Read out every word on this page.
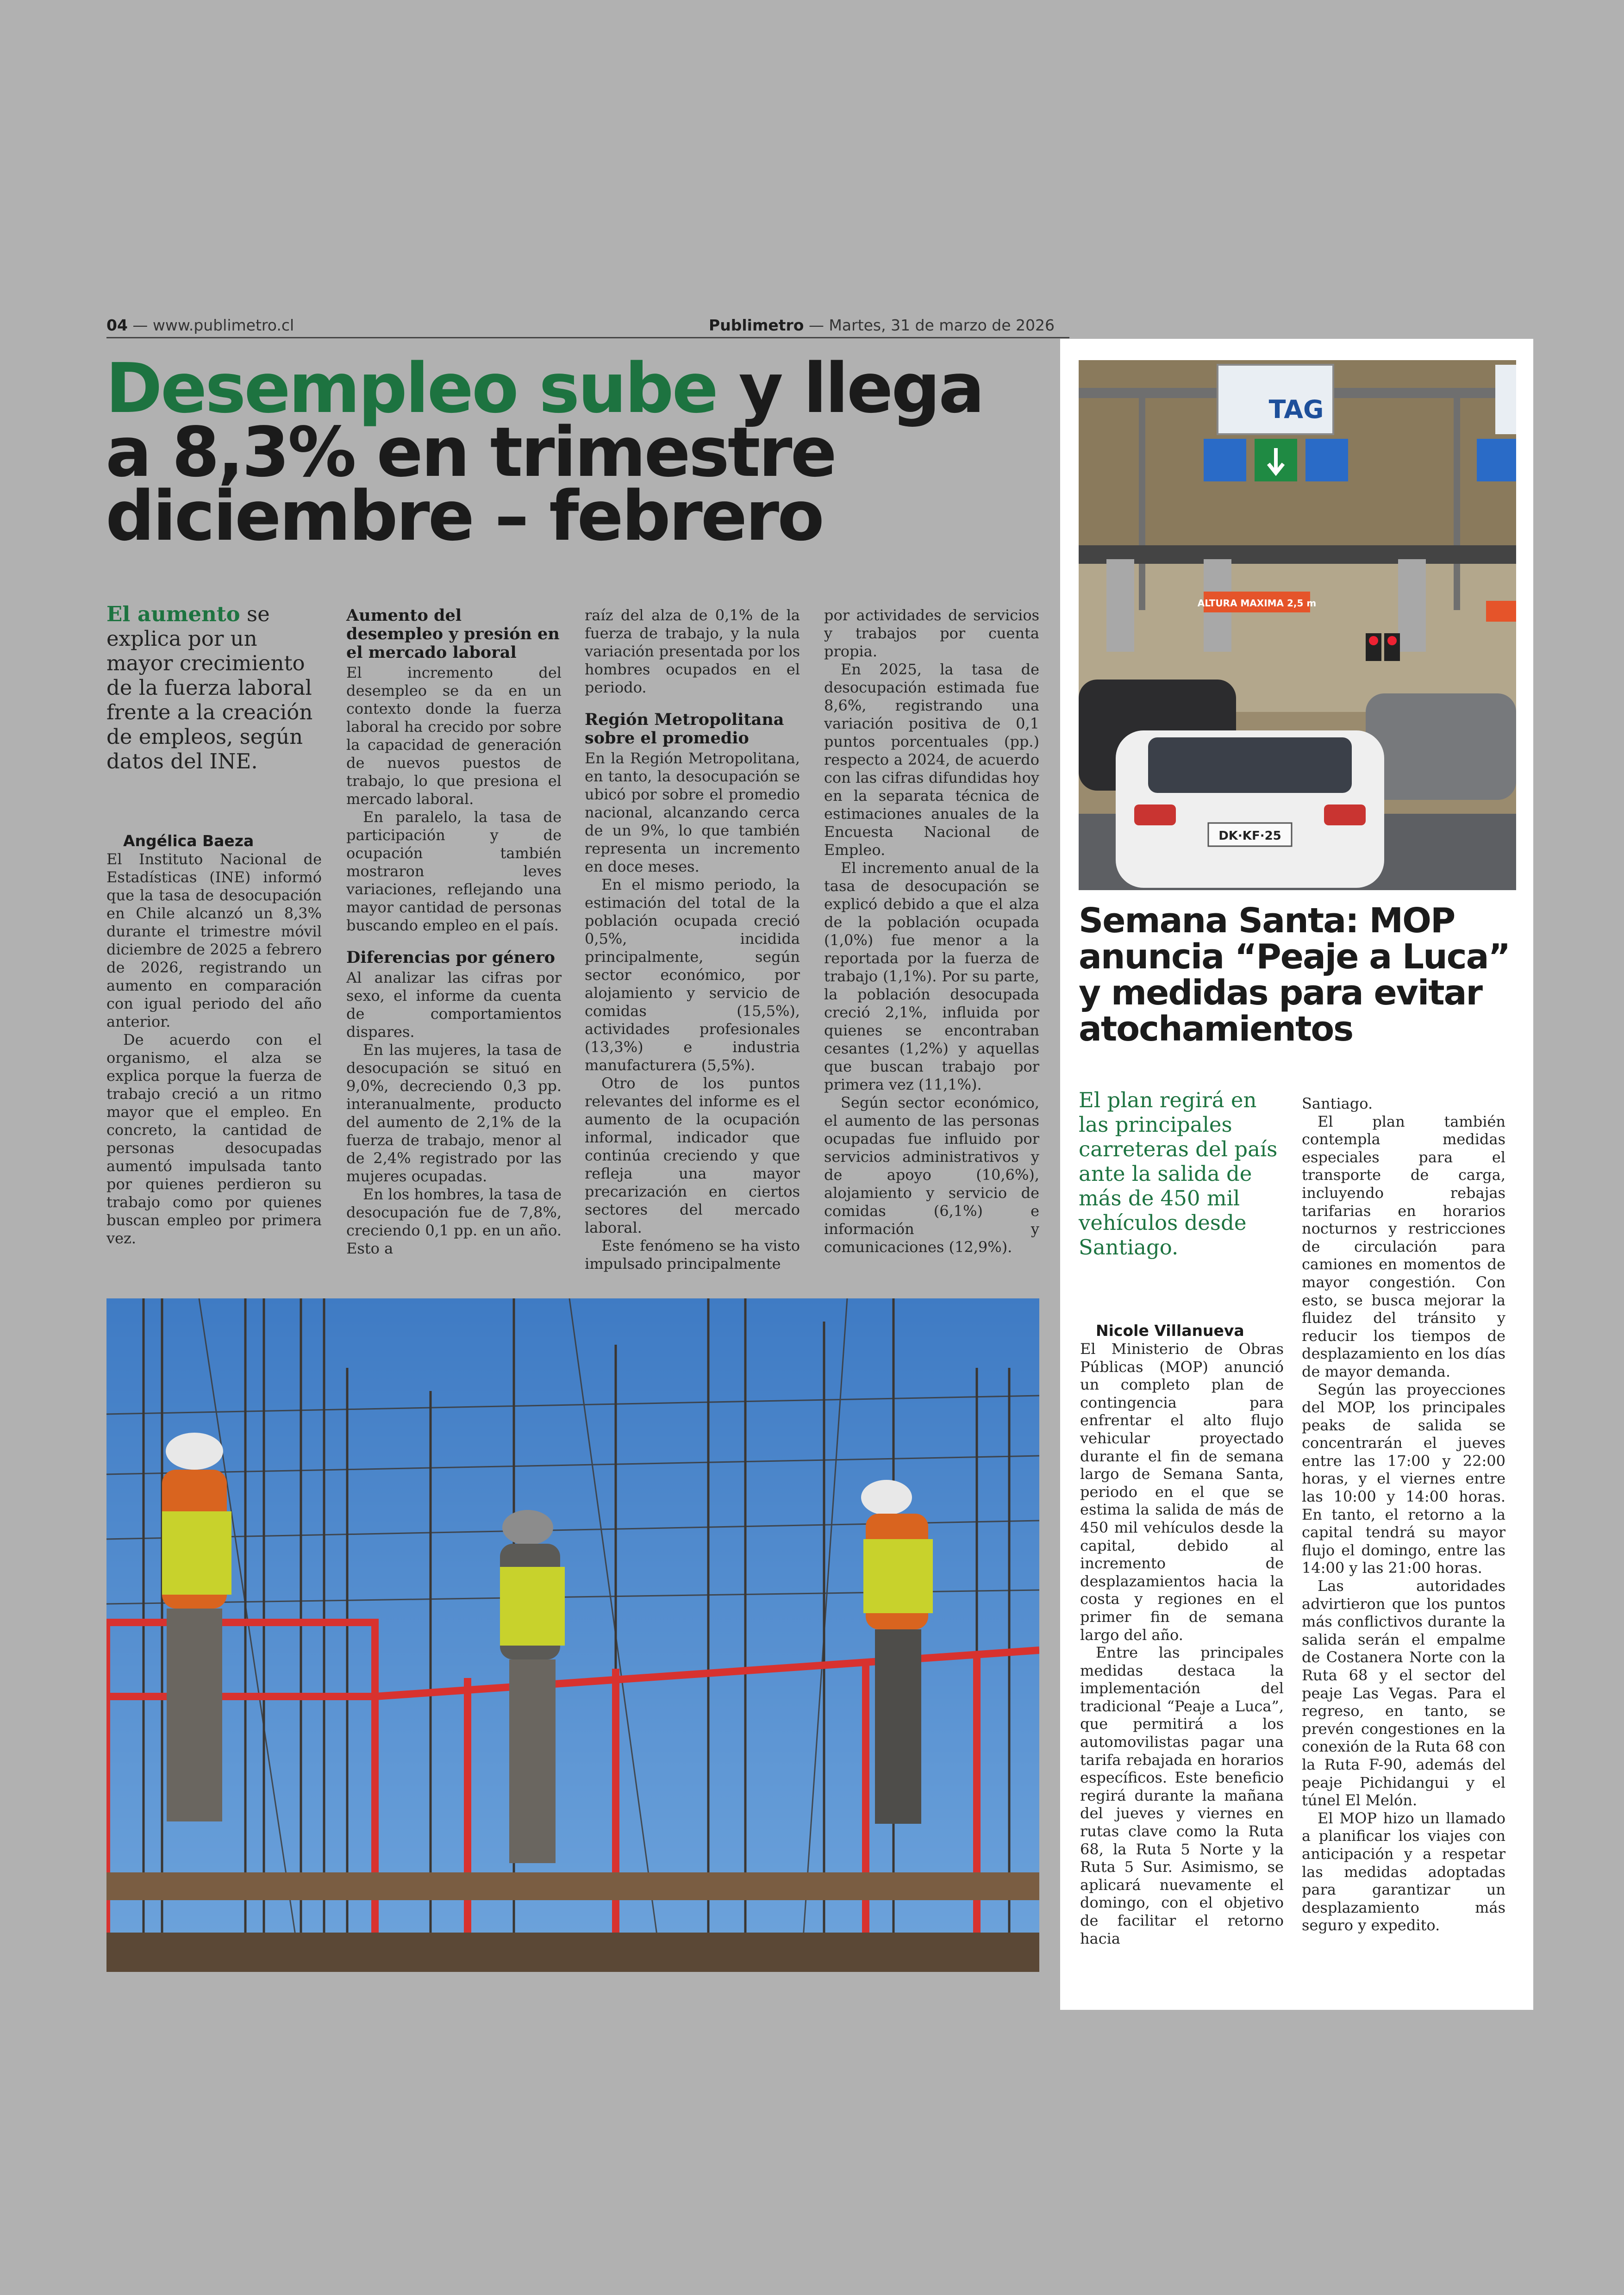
04 — www.publimetro.cl	Publimetro — Martes, 31 de marzo de 2026
Desempleo sube y llega
a 8,3% en trimestre
diciembre – febrero

El aumento se explica por un mayor crecimiento de la fuerza laboral frente a la creación de empleos, según datos del INE.

Angélica Baeza

El Instituto Nacional de Estadísticas (INE) informó que la tasa de desocupación en Chile alcanzó un 8,3% durante el trimestre móvil diciembre de 2025 a febrero de 2026, registrando un aumento en comparación con igual periodo del año anterior.

De acuerdo con el organismo, el alza se explica porque la fuerza de trabajo creció a un ritmo mayor que el empleo. En concreto, la cantidad de personas desocupadas aumentó impulsada tanto por quienes perdieron su trabajo como por quienes buscan empleo por primera vez.

Aumento del desempleo y presión en el mercado laboral

El incremento del desempleo se da en un contexto donde la fuerza laboral ha crecido por sobre la capacidad de generación de nuevos puestos de trabajo, lo que presiona el mercado laboral.

En paralelo, la tasa de participación y de ocupación también mostraron leves variaciones, reflejando una mayor cantidad de personas buscando empleo en el país.

Diferencias por género

Al analizar las cifras por sexo, el informe da cuenta de comportamientos dispares.

En las mujeres, la tasa de desocupación se situó en 9,0%, decreciendo 0,3 pp. interanualmente, producto del aumento de 2,1% de la fuerza de trabajo, menor al de 2,4% registrado por las mujeres ocupadas.

En los hombres, la tasa de desocupación fue de 7,8%, creciendo 0,1 pp. en un año. Esto a

raíz del alza de 0,1% de la fuerza de trabajo, y la nula variación presentada por los hombres ocupados en el periodo.

Región Metropolitana sobre el promedio

En la Región Metropolitana, en tanto, la desocupación se ubicó por sobre el promedio nacional, alcanzando cerca de un 9%, lo que también representa un incremento en doce meses.

En el mismo periodo, la estimación del total de la población ocupada creció 0,5%, incidida principalmente, según sector económico, por alojamiento y servicio de comidas (15,5%), actividades profesionales (13,3%) e industria manufacturera (5,5%).

Otro de los puntos relevantes del informe es el aumento de la ocupación informal, indicador que continúa creciendo y que refleja una mayor precarización en ciertos sectores del mercado laboral.

Este fenómeno se ha visto impulsado principalmente

por actividades de servicios y trabajos por cuenta propia.

En 2025, la tasa de desocupación estimada fue 8,6%, registrando una variación positiva de 0,1 puntos porcentuales (pp.) respecto a 2024, de acuerdo con las cifras difundidas hoy en la separata técnica de estimaciones anuales de la Encuesta Nacional de Empleo.

El incremento anual de la tasa de desocupación se explicó debido a que el alza de la población ocupada (1,0%) fue menor a la reportada por la fuerza de trabajo (1,1%). Por su parte, la población desocupada creció 2,1%, influida por quienes se encontraban cesantes (1,2%) y aquellas que buscan trabajo por primera vez (11,1%).

Según sector económico, el aumento de las personas ocupadas fue influido por servicios administrativos y de apoyo (10,6%), alojamiento y servicio de comidas (6,1%) e información y comunicaciones (12,9%).

TAG
ALTURA MAXIMA 2,5 m
DK·KF·25
Semana Santa: MOP anuncia “Peaje a Luca” y medidas para evitar atochamientos

El plan regirá en las principales carreteras del país ante la salida de más de 450 mil vehículos desde Santiago.

Nicole Villanueva

El Ministerio de Obras Públicas (MOP) anunció un completo plan de contingencia para enfrentar el alto flujo vehicular proyectado durante el fin de semana largo de Semana Santa, periodo en el que se estima la salida de más de 450 mil vehículos desde la capital, debido al incremento de desplazamientos hacia la costa y regiones en el primer fin de semana largo del año.

Entre las principales medidas destaca la implementación del tradicional “Peaje a Luca”, que permitirá a los automovilistas pagar una tarifa rebajada en horarios específicos. Este beneficio regirá durante la mañana del jueves y viernes en rutas clave como la Ruta 68, la Ruta 5 Norte y la Ruta 5 Sur. Asimismo, se aplicará nuevamente el domingo, con el objetivo de facilitar el retorno hacia

Santiago.

El plan también contempla medidas especiales para el transporte de carga, incluyendo rebajas tarifarias en horarios nocturnos y restricciones de circulación para camiones en momentos de mayor congestión. Con esto, se busca mejorar la fluidez del tránsito y reducir los tiempos de desplazamiento en los días de mayor demanda.

Según las proyecciones del MOP, los principales peaks de salida se concentrarán el jueves entre las 17:00 y 22:00 horas, y el viernes entre las 10:00 y 14:00 horas. En tanto, el retorno a la capital tendrá su mayor flujo el domingo, entre las 14:00 y las 21:00 horas.

Las autoridades advirtieron que los puntos más conflictivos durante la salida serán el empalme de Costanera Norte con la Ruta 68 y el sector del peaje Las Vegas. Para el regreso, en tanto, se prevén congestiones en la conexión de la Ruta 68 con la Ruta F-90, además del peaje Pichidangui y el túnel El Melón.

El MOP hizo un llamado a planificar los viajes con anticipación y a respetar las medidas adoptadas para garantizar un desplazamiento más seguro y expedito.
